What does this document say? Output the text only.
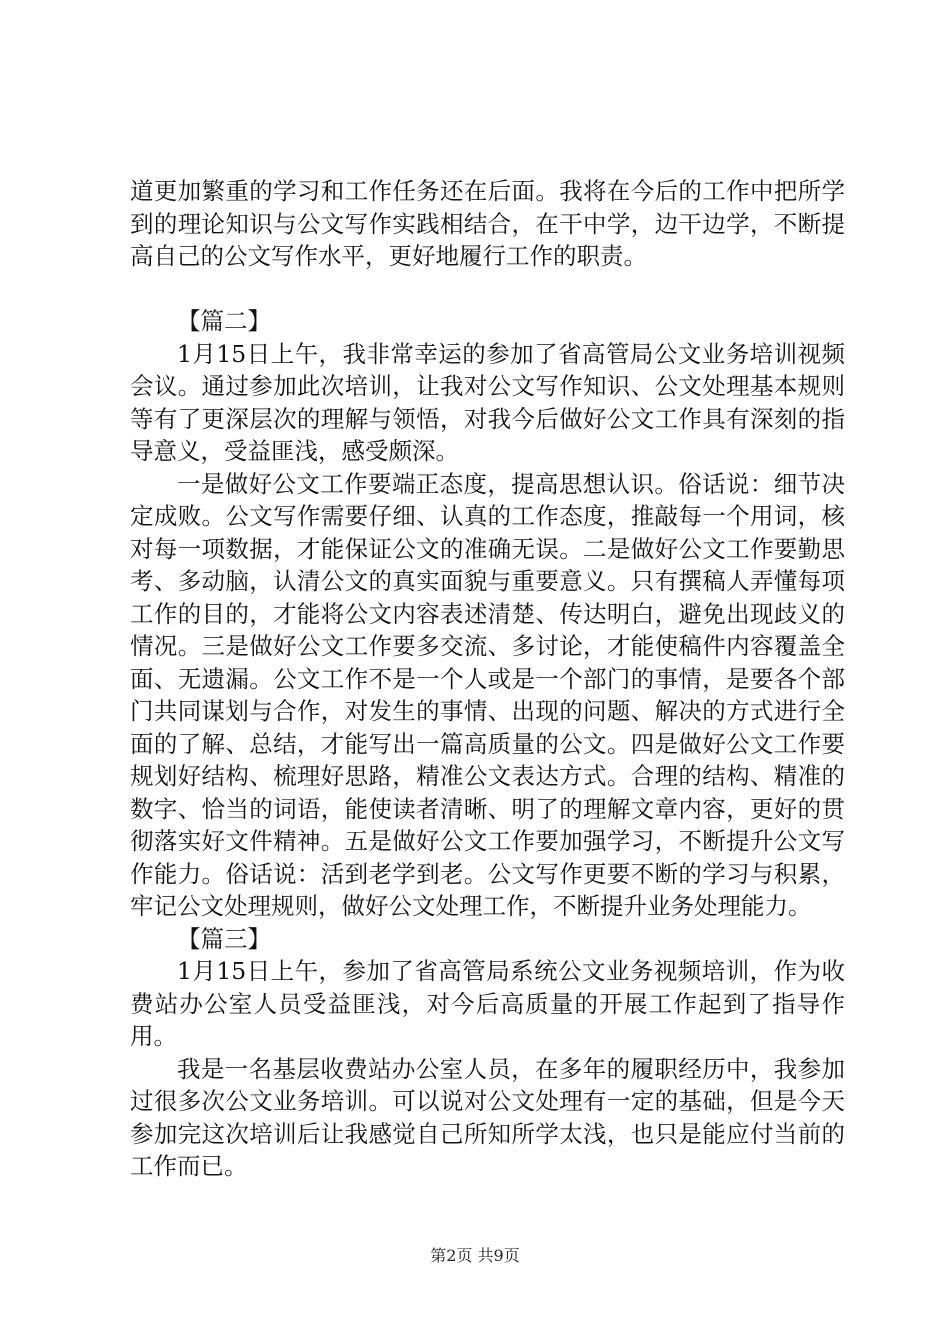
道更加繁重的学习和工作任务还在后面。我将在今后的工作中把所学到的理论知识与公文写作实践相结合，在干中学，边干边学，不断提高自己的公文写作水平，更好地履行工作的职责。

【篇二】

1月15日上午，我非常幸运的参加了省高管局公文业务培训视频会议。通过参加此次培训，让我对公文写作知识、公文处理基本规则等有了更深层次的理解与领悟，对我今后做好公文工作具有深刻的指导意义，受益匪浅，感受颇深。

一是做好公文工作要端正态度，提高思想认识。俗话说：细节决定成败。公文写作需要仔细、认真的工作态度，推敲每一个用词，核对每一项数据，才能保证公文的准确无误。二是做好公文工作要勤思考、多动脑，认清公文的真实面貌与重要意义。只有撰稿人弄懂每项工作的目的，才能将公文内容表述清楚、传达明白，避免出现歧义的情况。三是做好公文工作要多交流、多讨论，才能使稿件内容覆盖全面、无遗漏。公文工作不是一个人或是一个部门的事情，是要各个部门共同谋划与合作，对发生的事情、出现的问题、解决的方式进行全面的了解、总结，才能写出一篇高质量的公文。四是做好公文工作要规划好结构、梳理好思路，精准公文表达方式。合理的结构、精准的数字、恰当的词语，能使读者清晰、明了的理解文章内容，更好的贯彻落实好文件精神。五是做好公文工作要加强学习，不断提升公文写作能力。俗话说：活到老学到老。公文写作更要不断的学习与积累，牢记公文处理规则，做好公文处理工作，不断提升业务处理能力。

【篇三】

1月15日上午，参加了省高管局系统公文业务视频培训，作为收费站办公室人员受益匪浅，对今后高质量的开展工作起到了指导作用。

我是一名基层收费站办公室人员，在多年的履职经历中，我参加过很多次公文业务培训。可以说对公文处理有一定的基础，但是今天参加完这次培训后让我感觉自己所知所学太浅，也只是能应付当前的工作而已。

第2页 共9页
